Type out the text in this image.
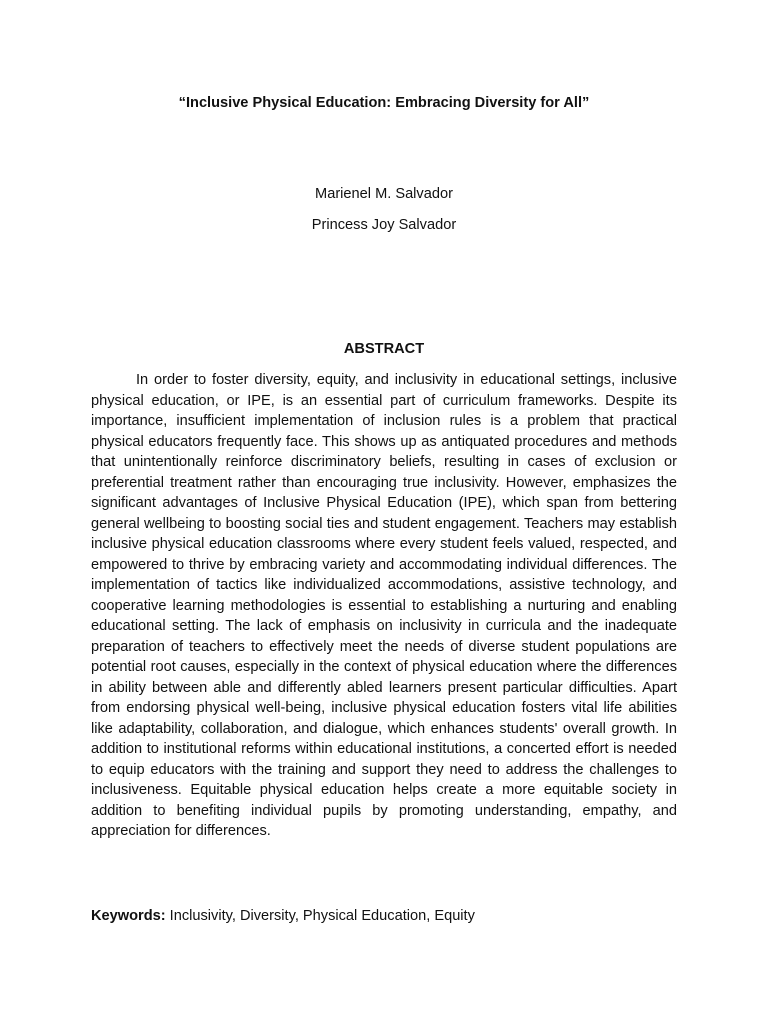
“Inclusive Physical Education: Embracing Diversity for All”

Marienel M. Salvador

Princess Joy Salvador

ABSTRACT

In order to foster diversity, equity, and inclusivity in educational settings, inclusive physical education, or IPE, is an essential part of curriculum frameworks. Despite its importance, insufficient implementation of inclusion rules is a problem that practical physical educators frequently face. This shows up as antiquated procedures and methods that unintentionally reinforce discriminatory beliefs, resulting in cases of exclusion or preferential treatment rather than encouraging true inclusivity. However, emphasizes the significant advantages of Inclusive Physical Education (IPE), which span from bettering general wellbeing to boosting social ties and student engagement. Teachers may establish inclusive physical education classrooms where every student feels valued, respected, and empowered to thrive by embracing variety and accommodating individual differences. The implementation of tactics like individualized accommodations, assistive technology, and cooperative learning methodologies is essential to establishing a nurturing and enabling educational setting. The lack of emphasis on inclusivity in curricula and the inadequate preparation of teachers to effectively meet the needs of diverse student populations are potential root causes, especially in the context of physical education where the differences in ability between able and differently abled learners present particular difficulties. Apart from endorsing physical well-being, inclusive physical education fosters vital life abilities like adaptability, collaboration, and dialogue, which enhances students' overall growth. In addition to institutional reforms within educational institutions, a concerted effort is needed to equip educators with the training and support they need to address the challenges to inclusiveness. Equitable physical education helps create a more equitable society in addition to benefiting individual pupils by promoting understanding, empathy, and appreciation for differences.

Keywords: Inclusivity, Diversity, Physical Education, Equity
